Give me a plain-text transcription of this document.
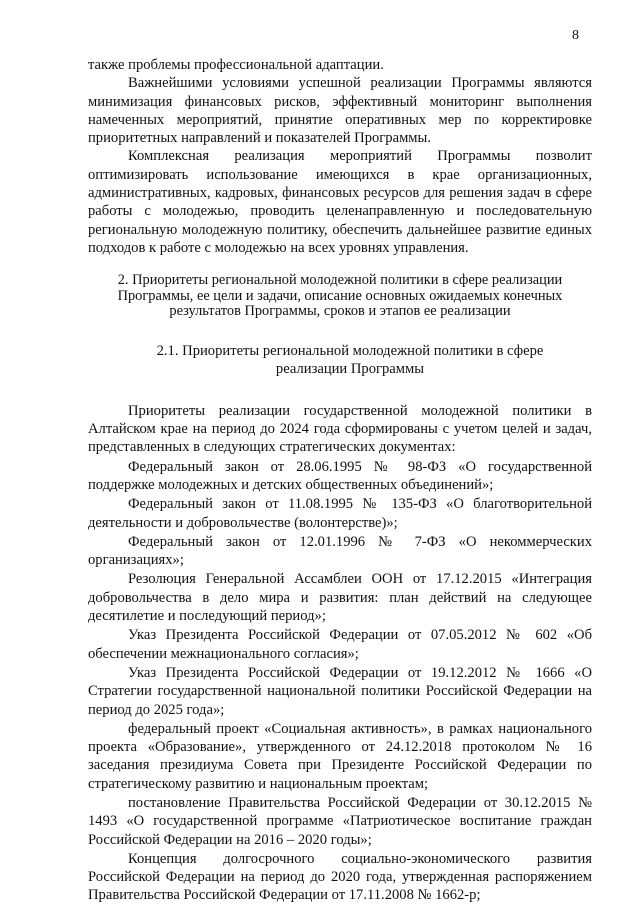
8

также проблемы профессиональной адаптации.

Важнейшими условиями успешной реализации Программы являются минимизация финансовых рисков, эффективный мониторинг выполнения намеченных мероприятий, принятие оперативных мер по корректировке приоритетных направлений и показателей Программы.

Комплексная реализация мероприятий Программы позволит оптимизировать использование имеющихся в крае организационных, административных, кадровых, финансовых ресурсов для решения задач в сфере работы с молодежью, проводить целенаправленную и последовательную региональную молодежную политику, обеспечить дальнейшее развитие единых подходов к работе с молодежью на всех уровнях управления.

2. Приоритеты региональной молодежной политики в сфере реализации Программы, ее цели и задачи, описание основных ожидаемых конечных результатов Программы, сроков и этапов ее реализации

2.1. Приоритеты региональной молодежной политики в сфере реализации Программы

Приоритеты реализации государственной молодежной политики в Алтайском крае на период до 2024 года сформированы с учетом целей и задач, представленных в следующих стратегических документах:

Федеральный закон от 28.06.1995 № 98-ФЗ «О государственной поддержке молодежных и детских общественных объединений»;

Федеральный закон от 11.08.1995 № 135-ФЗ «О благотворительной деятельности и добровольчестве (волонтерстве)»;

Федеральный закон от 12.01.1996 № 7-ФЗ «О некоммерческих организациях»;

Резолюция Генеральной Ассамблеи ООН от 17.12.2015 «Интеграция добровольчества в дело мира и развития: план действий на следующее десятилетие и последующий период»;

Указ Президента Российской Федерации от 07.05.2012 № 602 «Об обеспечении межнационального согласия»;

Указ Президента Российской Федерации от 19.12.2012 № 1666 «О Стратегии государственной национальной политики Российской Федерации на период до 2025 года»;

федеральный проект «Социальная активность», в рамках национального проекта «Образование», утвержденного от 24.12.2018 протоколом № 16 заседания президиума Совета при Президенте Российской Федерации по стратегическому развитию и национальным проектам;

постановление Правительства Российской Федерации от 30.12.2015 № 1493 «О государственной программе «Патриотическое воспитание граждан Российской Федерации на 2016 – 2020 годы»;

Концепция долгосрочного социально-экономического развития Российской Федерации на период до 2020 года, утвержденная распоряжением Правительства Российской Федерации от 17.11.2008 № 1662-р;
